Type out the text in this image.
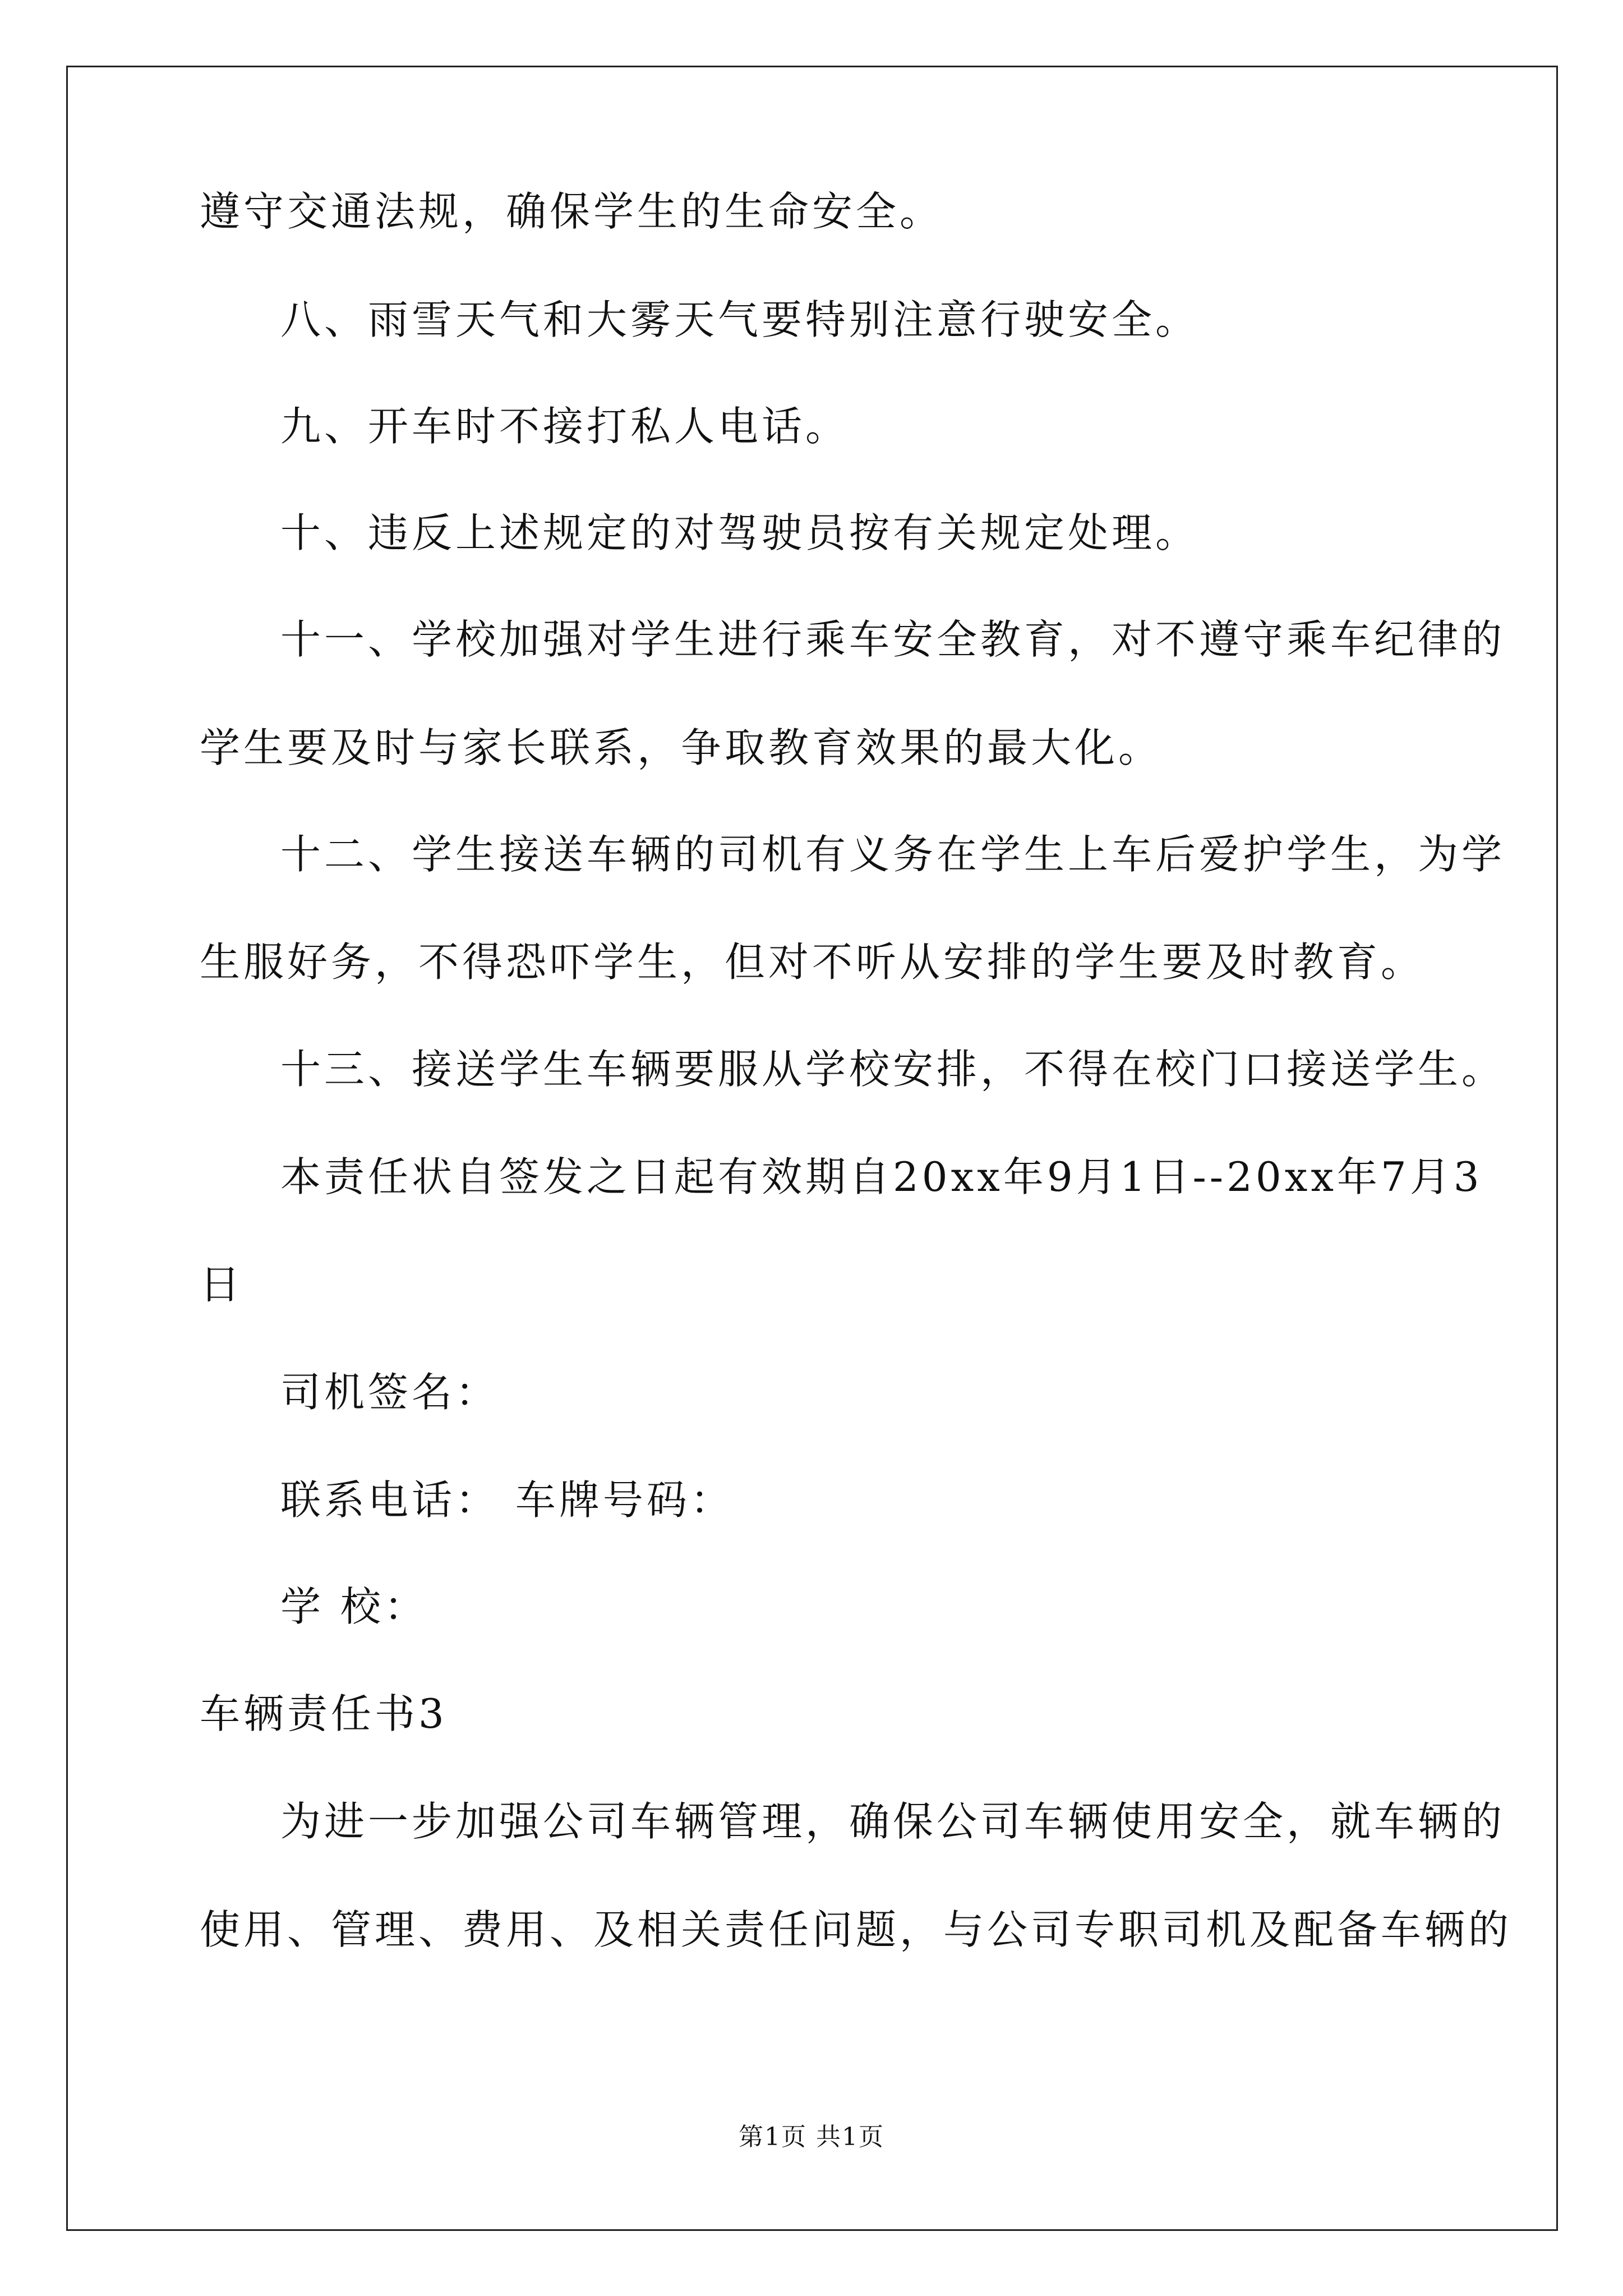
遵守交通法规，确保学生的生命安全。
八、雨雪天气和大雾天气要特别注意行驶安全。
九、开车时不接打私人电话。
十、违反上述规定的对驾驶员按有关规定处理。
十一、学校加强对学生进行乘车安全教育，对不遵守乘车纪律的
学生要及时与家长联系，争取教育效果的最大化。
十二、学生接送车辆的司机有义务在学生上车后爱护学生，为学
生服好务，不得恐吓学生，但对不听从安排的学生要及时教育。
十三、接送学生车辆要服从学校安排，不得在校门口接送学生。
本责任状自签发之日起有效期自20xx年9月1日--20xx年7月3
日
司机签名：
联系电话： 车牌号码：
学 校：
车辆责任书3
为进一步加强公司车辆管理，确保公司车辆使用安全，就车辆的
使用、管理、费用、及相关责任问题，与公司专职司机及配备车辆的
第1页 共1页
